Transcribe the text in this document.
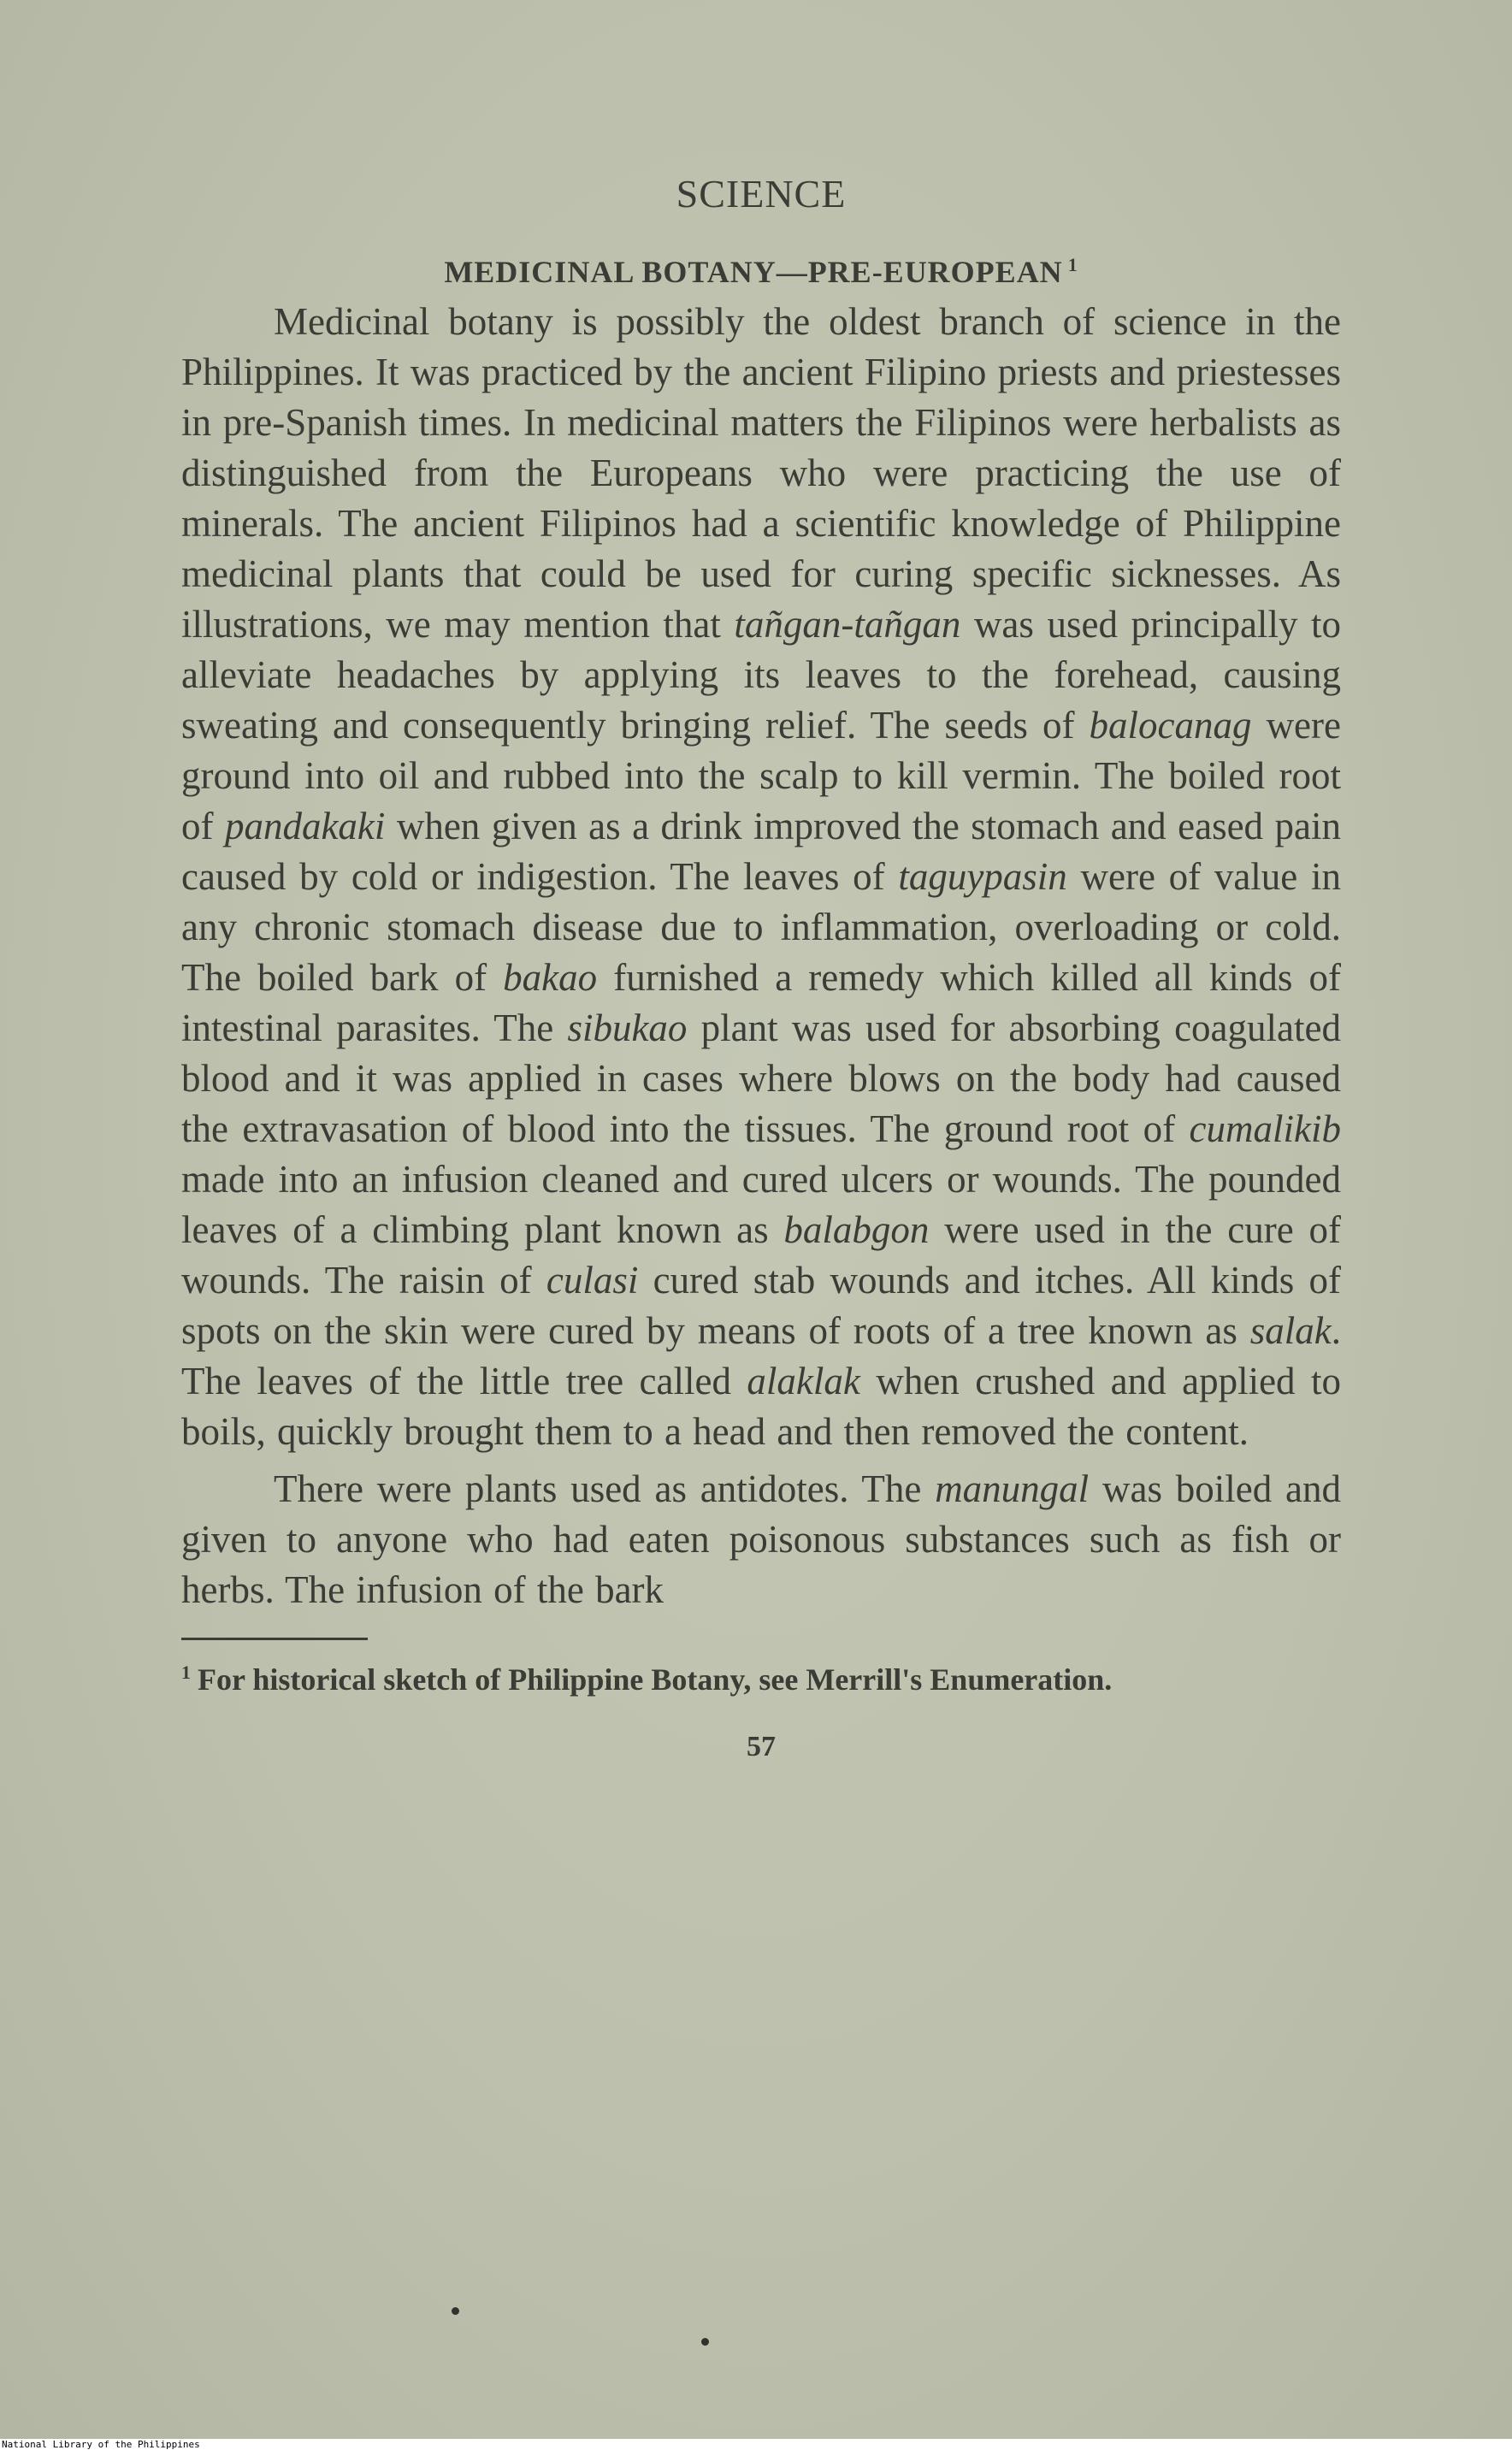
SCIENCE
MEDICINAL BOTANY—PRE-EUROPEAN $^1$

Medicinal botany is possibly the oldest branch of science in the Philippines. It was practiced by the ancient Filipino priests and priestesses in pre-Spanish times. In medicinal matters the Filipinos were herbalists as distinguished from the Europeans who were practicing the use of minerals. The ancient Filipinos had a scientific knowledge of Philippine medicinal plants that could be used for curing specific sicknesses. As illustrations, we may mention that tañgan-tañgan was used principally to alleviate headaches by applying its leaves to the forehead, causing sweating and consequently bringing relief. The seeds of balocanag were ground into oil and rubbed into the scalp to kill vermin. The boiled root of pandakaki when given as a drink improved the stomach and eased pain caused by cold or indigestion. The leaves of taguypasin were of value in any chronic stomach disease due to inflammation, overloading or cold. The boiled bark of bakao furnished a remedy which killed all kinds of intestinal parasites. The sibukao plant was used for absorbing coagulated blood and it was applied in cases where blows on the body had caused the extravasation of blood into the tissues. The ground root of cumalikib made into an infusion cleaned and cured ulcers or wounds. The pounded leaves of a climbing plant known as balabgon were used in the cure of wounds. The raisin of culasi cured stab wounds and itches. All kinds of spots on the skin were cured by means of roots of a tree known as salak. The leaves of the little tree called alaklak when crushed and applied to boils, quickly brought them to a head and then removed the content.

There were plants used as antidotes. The manungal was boiled and given to anyone who had eaten poisonous substances such as fish or herbs. The infusion of the bark

$^1$ For historical sketch of Philippine Botany, see Merrill's Enumeration.

57
National Library of the Philippines
